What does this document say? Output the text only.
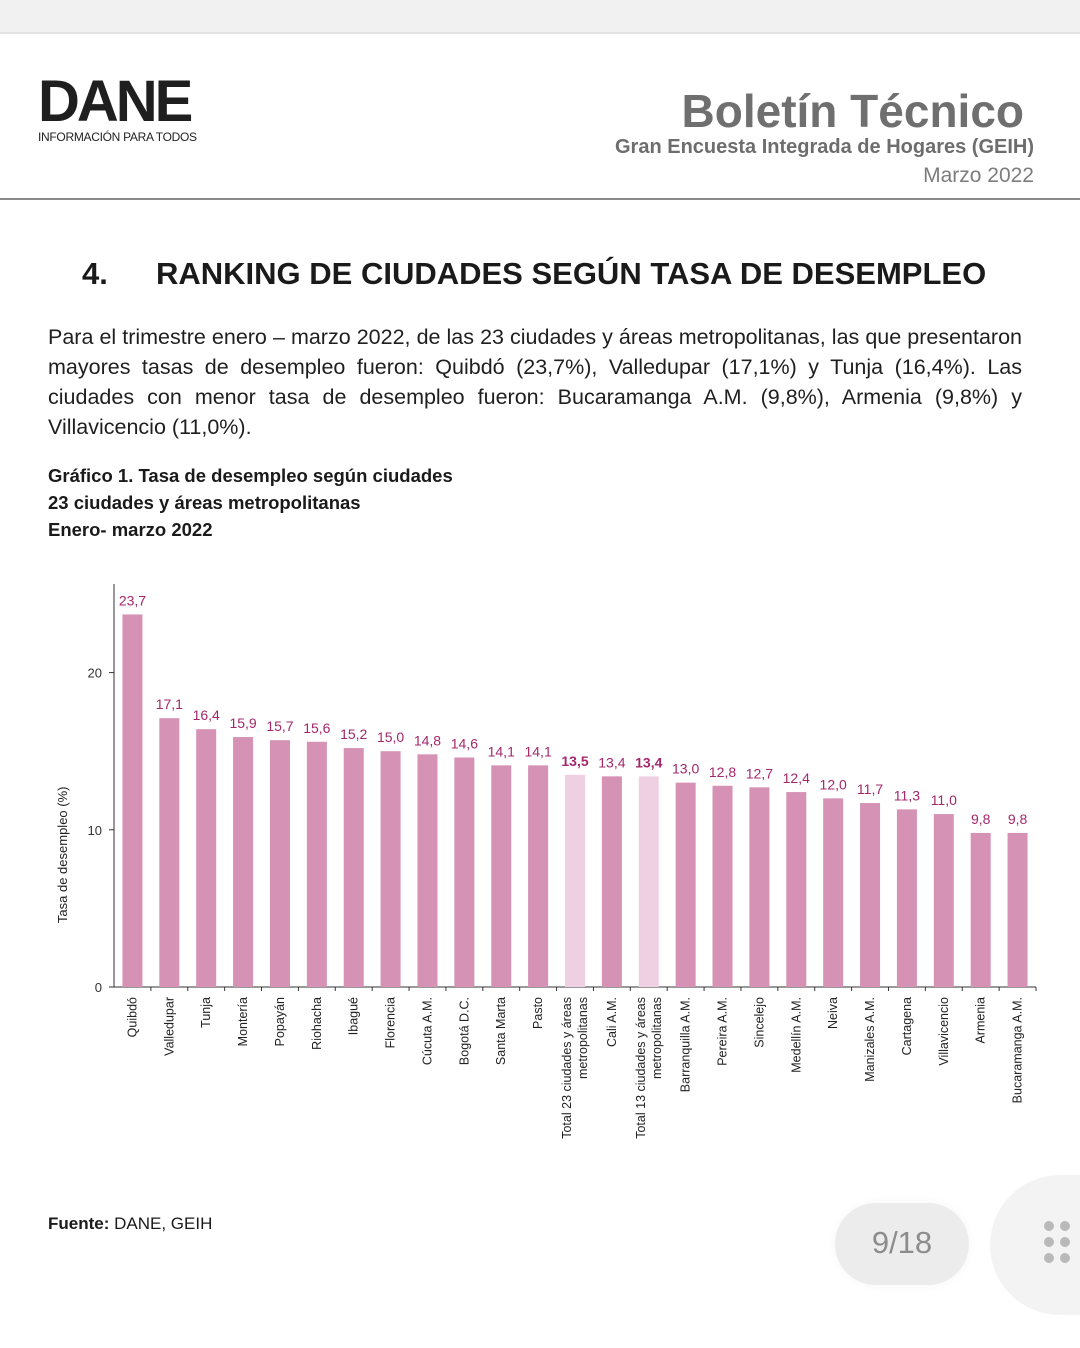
DANE
INFORMACIÓN PARA TODOS	Boletín Técnico
Gran Encuesta Integrada de Hogares (GEIH)
Marzo 2022
4. RANKING DE CIUDADES SEGÚN TASA DE DESEMPLEO
Para el trimestre enero – marzo 2022, de las 23 ciudades y áreas metropolitanas, las que presentaron mayores tasas de desempleo fueron: Quibdó (23,7%), Valledupar (17,1%) y Tunja (16,4%). Las ciudades con menor tasa de desempleo fueron: Bucaramanga A.M. (9,8%), Armenia (9,8%) y Villavicencio (11,0%).
Gráfico 1. Tasa de desempleo según ciudades
23 ciudades y áreas metropolitanas
Enero- marzo 2022
0
10
20
Tasa de desempleo (%)
23,7
Quibdó
17,1
Valledupar
16,4
Tunja
15,9
Montería
15,7
Popayán
15,6
Riohacha
15,2
Ibagué
15,0
Florencia
14,8
Cúcuta A.M.
14,6
Bogotá D.C.
14,1
Santa Marta
14,1
Pasto
13,5
Total 23 ciudades y áreas metropolitanas
13,4
Cali A.M.
13,4
Total 13 ciudades y áreas metropolitanas
13,0
Barranquilla A.M.
12,8
Pereira A.M.
12,7
Sincelejo
12,4
Medellín A.M.
12,0
Neiva
11,7
Manizales A.M.
11,3
Cartagena
11,0
Villavicencio
9,8
Armenia
9,8
Bucaramanga A.M.
Fuente: DANE, GEIH
9/18
